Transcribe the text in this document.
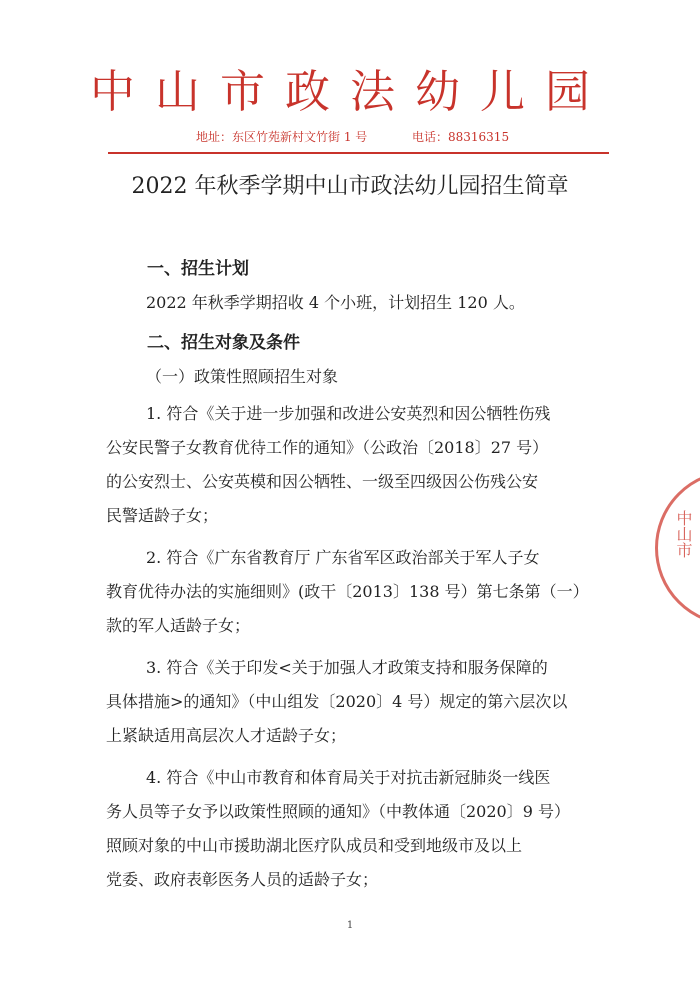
中山市政法幼儿园
地址：东区竹苑新村文竹街 1 号	电话：88316315
2022 年秋季学期中山市政法幼儿园招生简章
一、招生计划
2022 年秋季学期招收 4 个小班，计划招生 120 人。
二、招生对象及条件
（一）政策性照顾招生对象
1. 符合《关于进一步加强和改进公安英烈和因公牺牲伤残
公安民警子女教育优待工作的通知》（公政治〔2018〕27 号）
的公安烈士、公安英模和因公牺牲、一级至四级因公伤残公安
民警适龄子女；
2. 符合《广东省教育厅 广东省军区政治部关于军人子女
教育优待办法的实施细则》(政干〔2013〕138 号）第七条第（一）
款的军人适龄子女；
3. 符合《关于印发<关于加强人才政策支持和服务保障的
具体措施>的通知》（中山组发〔2020〕4 号）规定的第六层次以
上紧缺适用高层次人才适龄子女；
4. 符合《中山市教育和体育局关于对抗击新冠肺炎一线医
务人员等子女予以政策性照顾的通知》（中教体通〔2020〕9 号）
照顾对象的中山市援助湖北医疗队成员和受到地级市及以上
党委、政府表彰医务人员的适龄子女；
1
中山市
